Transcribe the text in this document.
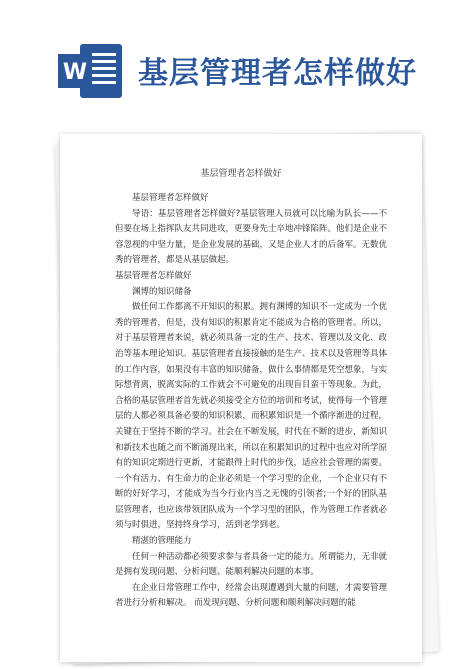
W 基层管理者怎样做好
基层管理者怎样做好

基层管理者怎样做好

导语：基层管理者怎样做好?基层管理人员就可以比喻为队长——不但要在场上指挥队友共同进攻，更要身先士卒地冲锋陷阵。他们是企业不容忽视的中坚力量，是企业发展的基础，又是企业人才的后备军。无数优秀的管理者，都是从基层做起。

基层管理者怎样做好

渊博的知识储备

做任何工作都离不开知识的积累。拥有渊博的知识不一定成为一个优秀的管理者，但是，没有知识的积累肯定不能成为合格的管理者。所以，对于基层管理者来说，就必须具备一定的生产、技术、管理以及文化、政治等基本理论知识。基层管理者直接接触的是生产、技术以及管理等具体的工作内容，如果没有丰富的知识储备，做什么事情都是凭空想象，与实际想背离，脱离实际的工作就会不可避免的出现盲目蛮干等现象。为此，合格的基层管理者首先就必须接受全方位的培训和考试，使得每一个管理层的人都必须具备必要的知识积累，而积累知识是一个循序渐进的过程，关键在于坚持不断的学习。社会在不断发展，时代在不断的进步，新知识和新技术也随之而不断涌现出来，所以在积累知识的过程中也应对所学原有的知识定期进行更新，才能跟得上时代的步伐，适应社会管理的需要。一个有活力、有生命力的企业必须是一个学习型的企业，一个企业只有不断的好好学习，才能成为当今行业内当之无愧的引领者;一个好的团队基层管理者，也应该带领团队成为一个学习型的团队，作为管理工作者就必须与时俱进，坚持终身学习，活到老学到老。

精湛的管理能力

任何一种活动都必须要求参与者具备一定的能力。所谓能力，无非就是拥有发现问题、分析问题、能顺利解决问题的本事。

在企业日常管理工作中，经常会出现遭遇到大量的问题，才需要管理者进行分析和解决。 而发现问题、分析问题和顺利解决问题的能
